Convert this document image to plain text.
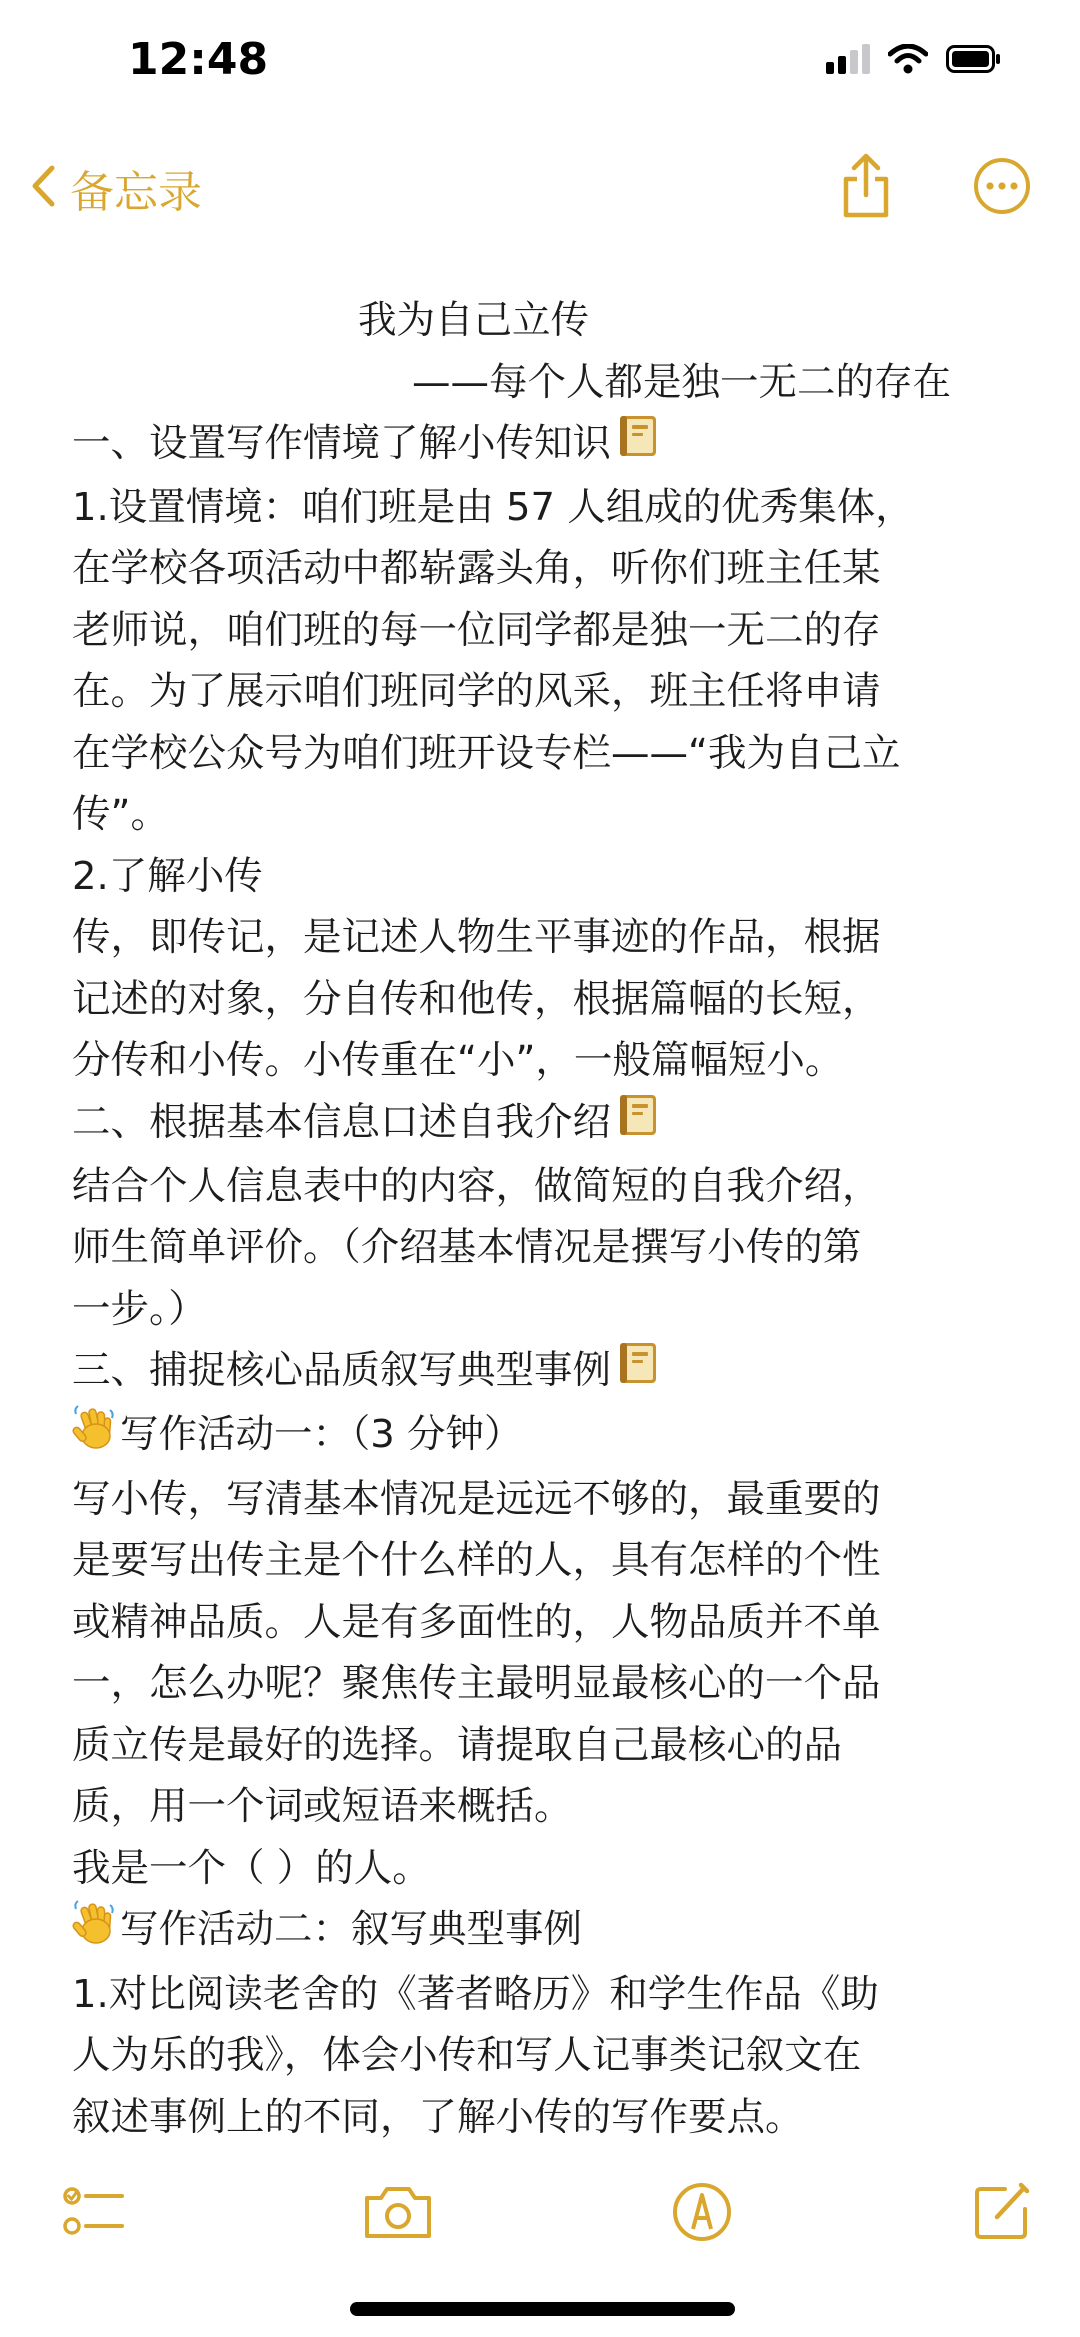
12:48
备忘录
我为自己立传
——每个人都是独一无二的存在
一、设置写作情境了解小传知识
1.设置情境：咱们班是由 57 人组成的优秀集体，
在学校各项活动中都崭露头角，听你们班主任某
老师说，咱们班的每一位同学都是独一无二的存
在。为了展示咱们班同学的风采，班主任将申请
在学校公众号为咱们班开设专栏——“我为自己立
传”。
2.了解小传
传，即传记，是记述人物生平事迹的作品，根据
记述的对象，分自传和他传，根据篇幅的长短，
分传和小传。小传重在“小”，一般篇幅短小。
二、根据基本信息口述自我介绍
结合个人信息表中的内容，做简短的自我介绍，
师生简单评价。（介绍基本情况是撰写小传的第
一步。）
三、捕捉核心品质叙写典型事例
写作活动一：（3 分钟）
写小传，写清基本情况是远远不够的，最重要的
是要写出传主是个什么样的人，具有怎样的个性
或精神品质。人是有多面性的，人物品质并不单
一，怎么办呢？聚焦传主最明显最核心的一个品
质立传是最好的选择。请提取自己最核心的品
质，用一个词或短语来概括。
我是一个（ ）的人。
写作活动二：叙写典型事例
1.对比阅读老舍的《著者略历》和学生作品《助
人为乐的我》，体会小传和写人记事类记叙文在
叙述事例上的不同，了解小传的写作要点。
